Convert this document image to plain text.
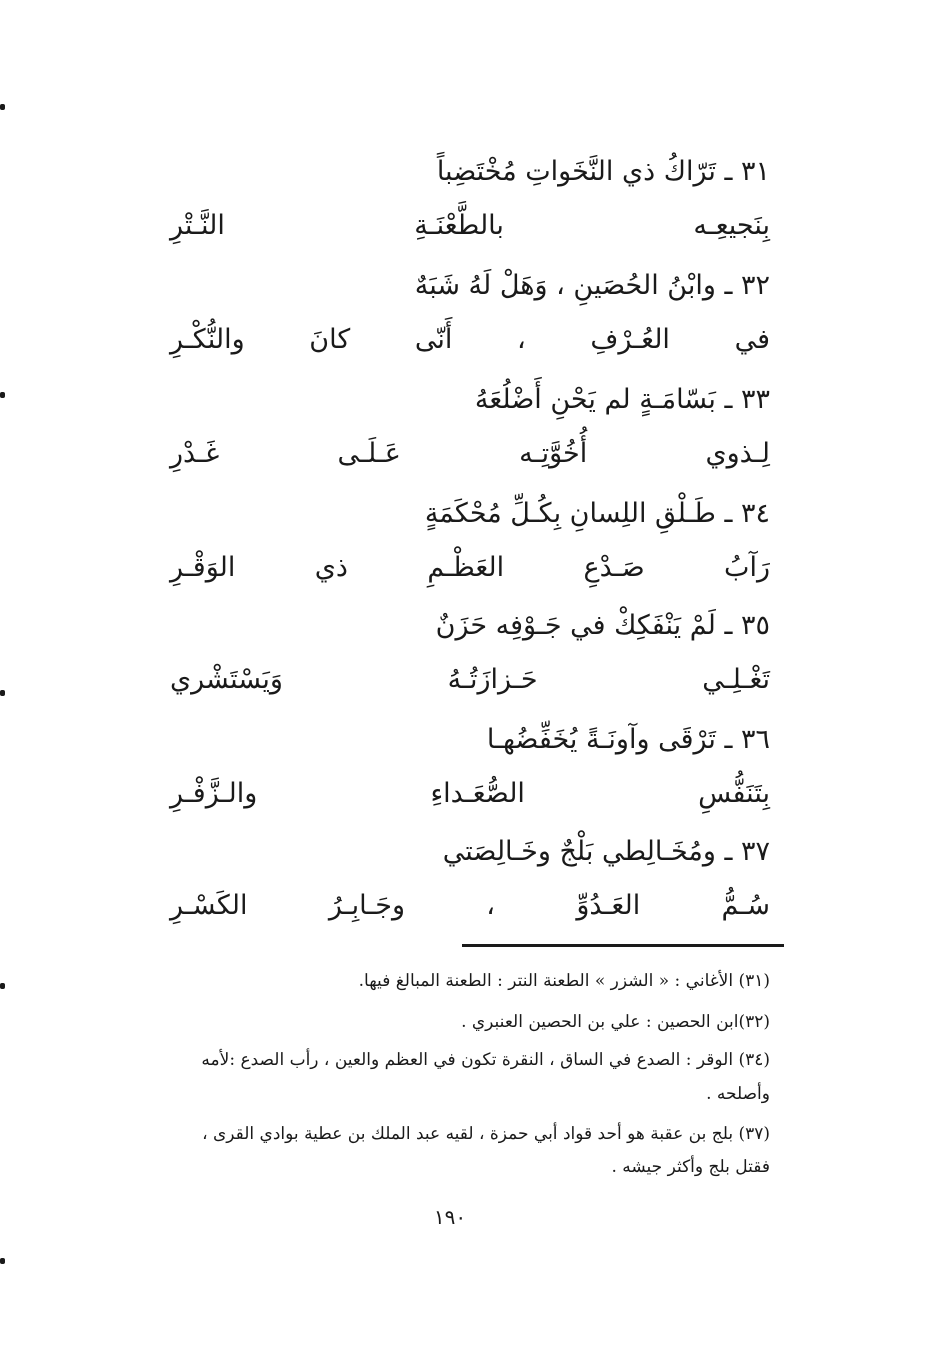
٣١ ـ تَرّاكُ ذي النَّخَواتِ مُخْتَضِباً
بِنَجيعِـه بالطَّعْنَـةِ النَّـتْرِ
٣٢ ـ وابْنُ الحُصَينِ ، وَهَلْ لَهُ شَبَهٌ
في العُـرْفِ ، أَنّى كانَ والنُّكْـرِ
٣٣ ـ بَسّامَـةٍ لم يَحْنِ أَضْلُعَهُ
لِـذوي أُخُوَّتِـه عَـلَـى غَـدْرِ
٣٤ ـ طَـلْقِ اللِسانِ بِكُـلِّ مُحْكَمَةٍ
رَآبُ صَـدْعِ العَظْـمِ ذي الوَقْـرِ
٣٥ ـ لَمْ يَنْفَكِكْ في جَـوْفِه حَزَنٌ
تَغْـلِـي حَـزازَتُـهُ وَيَسْتَشْري
٣٦ ـ تَرْقَى وآونَـةً يُخَفِّضُهـا
بِتَنَفُّسِ الصُّعَـداءِ والـزَّفْـرِ
٣٧ ـ ومُخَـالِطي بَلْجٌ وخَـالِصَتي
سُـمُّ العَـدُوِّ ، وجَـابِـرُ الكَسْـرِ
(٣١) الأغاني : « الشزر » الطعنة النتر : الطعنة المبالغ فيها.
(٣٢)ابن الحصين : علي بن الحصين العنبري .
(٣٤) الوقر : الصدع في الساق ، النقرة تكون في العظم والعين ، رأب الصدع :لأمه
وأصلحه .
(٣٧) بلج بن عقبة هو أحد قواد أبي حمزة ، لقيه عبد الملك بن عطية بوادي القرى ،
فقتل بلج وأكثر جيشه .
١٩٠
